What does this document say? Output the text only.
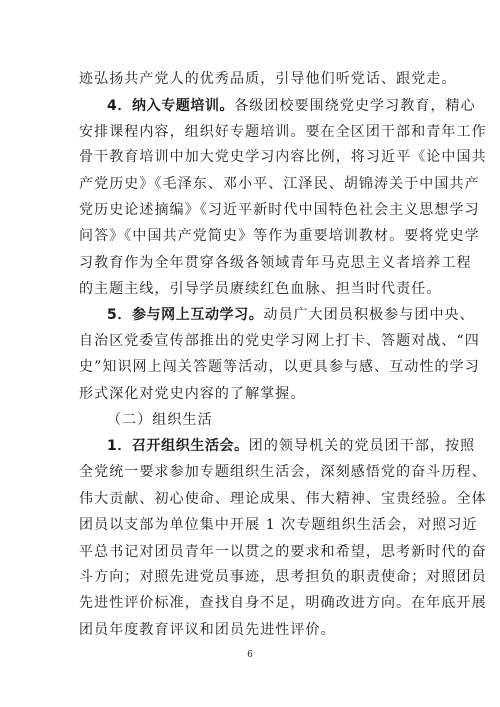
迹弘扬共产党人的优秀品质，引导他们听党话、跟党走。
4．纳入专题培训。各级团校要围绕党史学习教育，精心
安排课程内容，组织好专题培训。要在全区团干部和青年工作
骨干教育培训中加大党史学习内容比例，将习近平《论中国共
产党历史》《毛泽东、邓小平、江泽民、胡锦涛关于中国共产
党历史论述摘编》《习近平新时代中国特色社会主义思想学习
问答》《中国共产党简史》等作为重要培训教材。要将党史学
习教育作为全年贯穿各级各领域青年马克思主义者培养工程
的主题主线，引导学员赓续红色血脉、担当时代责任。
5．参与网上互动学习。动员广大团员积极参与团中央、
自治区党委宣传部推出的党史学习网上打卡、答题对战、“四
史”知识网上闯关答题等活动，以更具参与感、互动性的学习
形式深化对党史内容的了解掌握。
（二）组织生活
1．召开组织生活会。团的领导机关的党员团干部，按照
6
全党统一要求参加专题组织生活会，深刻感悟党的奋斗历程、
伟大贡献、初心使命、理论成果、伟大精神、宝贵经验。全体
团员以支部为单位集中开展 1 次专题组织生活会，对照习近
平总书记对团员青年一以贯之的要求和希望，思考新时代的奋
斗方向；对照先进党员事迹，思考担负的职责使命；对照团员
先进性评价标准，查找自身不足，明确改进方向。在年底开展
团员年度教育评议和团员先进性评价。
